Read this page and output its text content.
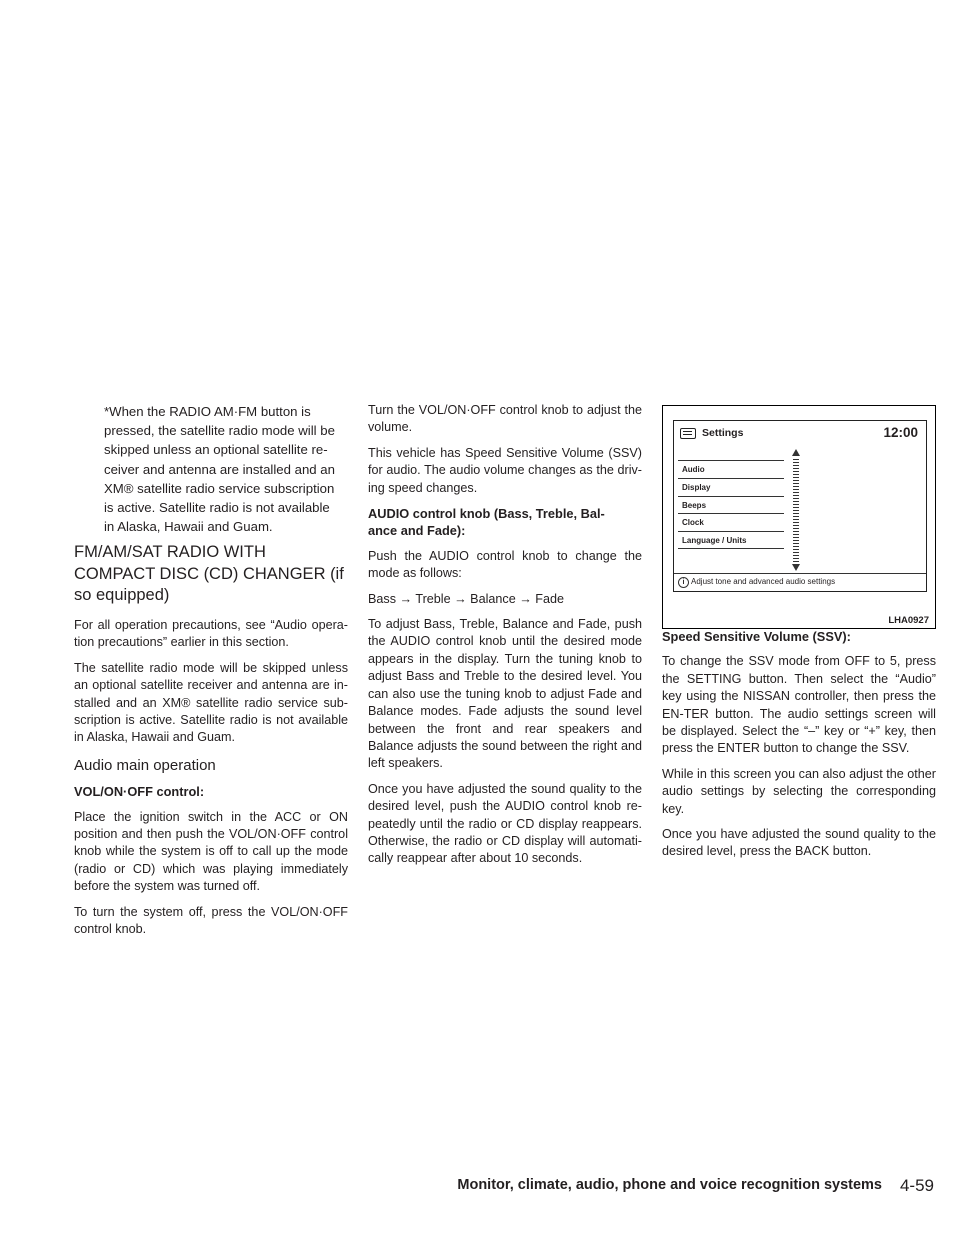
*When the RADIO AM·FM button is
pressed, the satellite radio mode will be
skipped unless an optional satellite re-
ceiver and antenna are installed and an
XM® satellite radio service subscription
is active. Satellite radio is not available
in Alaska, Hawaii and Guam.
FM/AM/SAT RADIO WITH
COMPACT DISC (CD) CHANGER (if
so equipped)

For all operation precautions, see “Audio opera-tion precautions” earlier in this section.

The satellite radio mode will be skipped unless an optional satellite receiver and antenna are in-stalled and an XM® satellite radio service sub-scription is active. Satellite radio is not available in Alaska, Hawaii and Guam.

Audio main operation
VOL/ON·OFF control:

Place the ignition switch in the ACC or ON position and then push the VOL/ON·OFF control knob while the system is off to call up the mode (radio or CD) which was playing immediately before the system was turned off.

To turn the system off, press the VOL/ON·OFF control knob.

Turn the VOL/ON·OFF control knob to adjust the volume.

This vehicle has Speed Sensitive Volume (SSV) for audio. The audio volume changes as the driv-ing speed changes.

AUDIO control knob (Bass, Treble, Bal-
ance and Fade):

Push the AUDIO control knob to change the mode as follows:

Bass → Treble → Balance → Fade

To adjust Bass, Treble, Balance and Fade, push the AUDIO control knob until the desired mode appears in the display. Turn the tuning knob to adjust Bass and Treble to the desired level. You can also use the tuning knob to adjust Fade and Balance modes. Fade adjusts the sound level between the front and rear speakers and Balance adjusts the sound between the right and left speakers.

Once you have adjusted the sound quality to the desired level, push the AUDIO control knob re-peatedly until the radio or CD display reappears. Otherwise, the radio or CD display will automati-cally reappear after about 10 seconds.

Settings	12:00
Audio
Display
Beeps
Clock
Language / Units
i Adjust tone and advanced audio settings
LHA0927
Speed Sensitive Volume (SSV):

To change the SSV mode from OFF to 5, press the SETTING button. Then select the “Audio” key using the NISSAN controller, then press the EN-TER button. The audio settings screen will be displayed. Select the “–” key or “+” key, then press the ENTER button to change the SSV.

While in this screen you can also adjust the other audio settings by selecting the corresponding key.

Once you have adjusted the sound quality to the desired level, press the BACK button.

Monitor, climate, audio, phone and voice recognition systems 4-59
